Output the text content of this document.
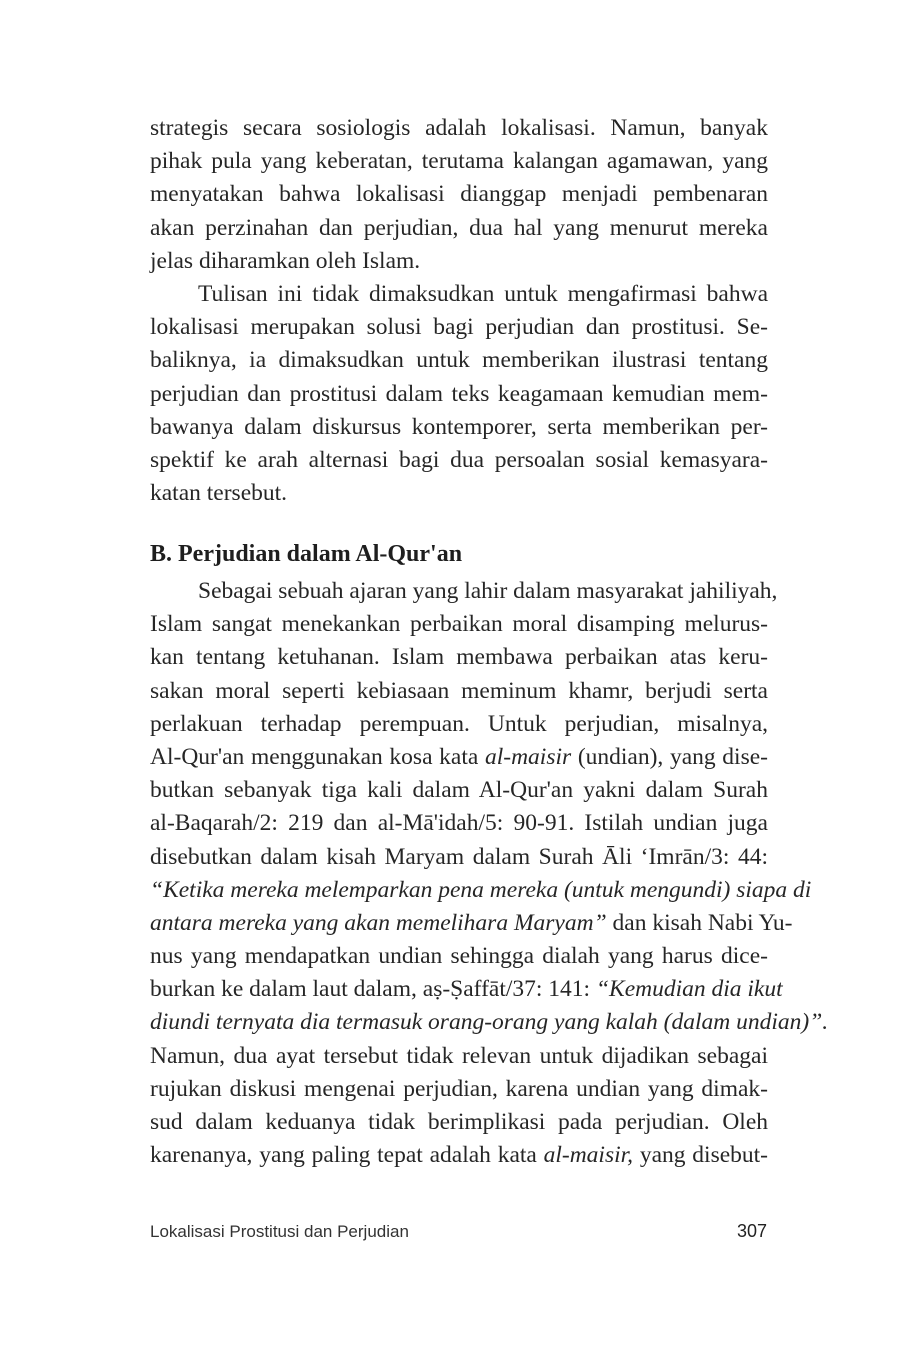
strategis secara sosiologis adalah lokalisasi. Namun, banyak
pihak pula yang keberatan, terutama kalangan agamawan, yang
menyatakan bahwa lokalisasi dianggap menjadi pembenaran
akan perzinahan dan perjudian, dua hal yang menurut mereka
jelas diharamkan oleh Islam.
Tulisan ini tidak dimaksudkan untuk mengafirmasi bahwa
lokalisasi merupakan solusi bagi perjudian dan prostitusi. Se-
baliknya, ia dimaksudkan untuk memberikan ilustrasi tentang
perjudian dan prostitusi dalam teks keagamaan kemudian mem-
bawanya dalam diskursus kontemporer, serta memberikan per-
spektif ke arah alternasi bagi dua persoalan sosial kemasyara-
katan tersebut.
B. Perjudian dalam Al-Qur'an
Sebagai sebuah ajaran yang lahir dalam masyarakat jahiliyah,
Islam sangat menekankan perbaikan moral disamping melurus-
kan tentang ketuhanan. Islam membawa perbaikan atas keru-
sakan moral seperti kebiasaan meminum khamr, berjudi serta
perlakuan terhadap perempuan. Untuk perjudian, misalnya,
Al-Qur'an menggunakan kosa kata al-maisir (undian), yang dise-
butkan sebanyak tiga kali dalam Al-Qur'an yakni dalam Surah
al-Baqarah/2: 219 dan al-Mā'idah/5: 90-91. Istilah undian juga
disebutkan dalam kisah Maryam dalam Surah Āli ‘Imrān/3: 44:
“Ketika mereka melemparkan pena mereka (untuk mengundi) siapa di
antara mereka yang akan memelihara Maryam” dan kisah Nabi Yu-
nus yang mendapatkan undian sehingga dialah yang harus dice-
burkan ke dalam laut dalam, aṣ-Ṣaffāt/37: 141: “Kemudian dia ikut
diundi ternyata dia termasuk orang-orang yang kalah (dalam undian)”.
Namun, dua ayat tersebut tidak relevan untuk dijadikan sebagai
rujukan diskusi mengenai perjudian, karena undian yang dimak-
sud dalam keduanya tidak berimplikasi pada perjudian. Oleh
karenanya, yang paling tepat adalah kata al-maisir, yang disebut-
Lokalisasi Prostitusi dan Perjudian	307
